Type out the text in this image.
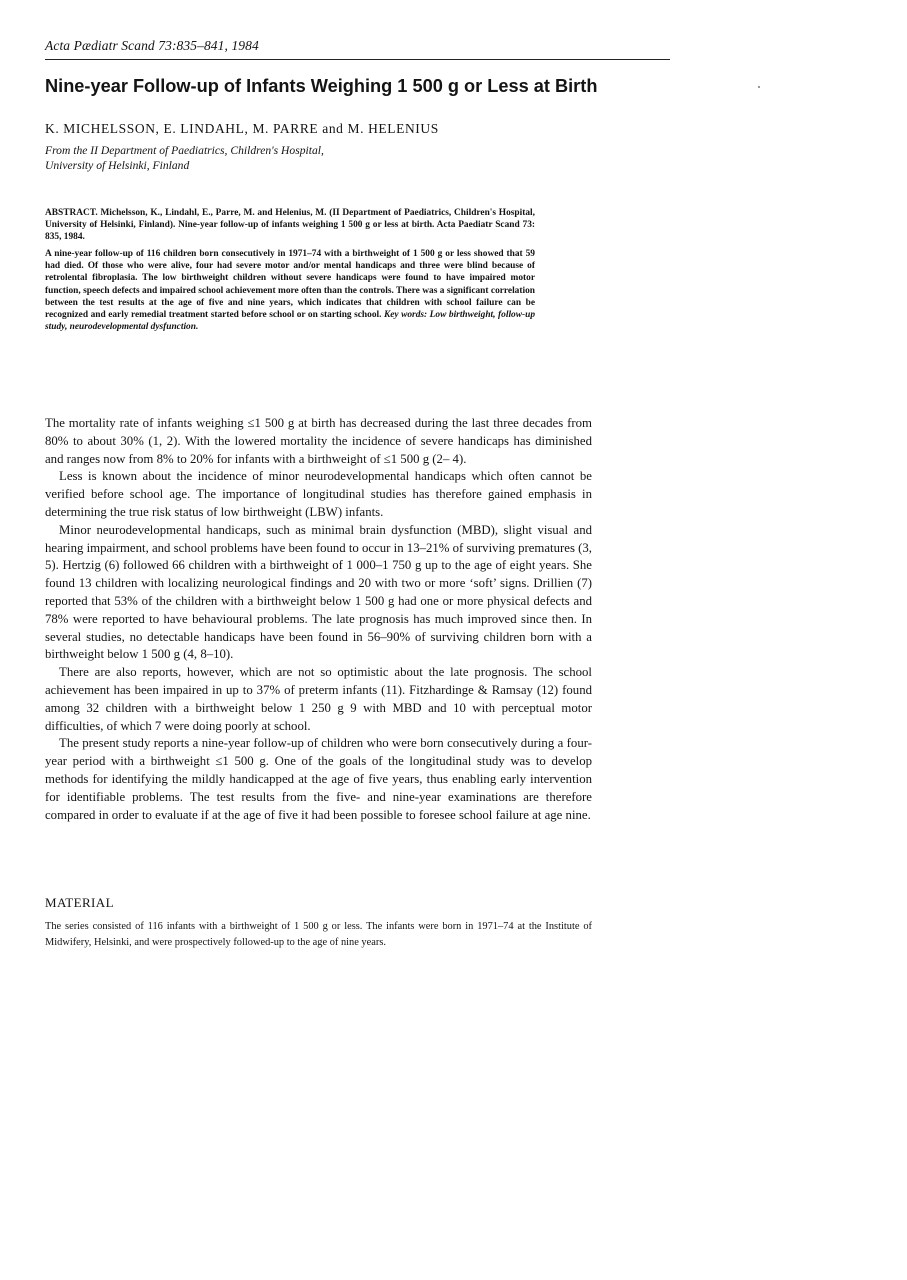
Acta Pædiatr Scand 73:835–841, 1984
Nine-year Follow-up of Infants Weighing 1 500 g or Less at Birth
K. MICHELSSON, E. LINDAHL, M. PARRE and M. HELENIUS
From the II Department of Paediatrics, Children's Hospital,
University of Helsinki, Finland

ABSTRACT. Michelsson, K., Lindahl, E., Parre, M. and Helenius, M. (II Department of Paediatrics, Children's Hospital, University of Helsinki, Finland). Nine-year follow-up of infants weighing 1 500 g or less at birth. Acta Paediatr Scand 73: 835, 1984.

A nine-year follow-up of 116 children born consecutively in 1971–74 with a birthweight of 1 500 g or less showed that 59 had died. Of those who were alive, four had severe motor and/or mental handicaps and three were blind because of retrolental fibroplasia. The low birthweight children without severe handicaps were found to have impaired motor function, speech defects and impaired school achievement more often than the controls. There was a significant correlation between the test results at the age of five and nine years, which indicates that children with school failure can be recognized and early remedial treatment started before school or on starting school. Key words: Low birthweight, follow-up study, neurodevelopmental dysfunction.

The mortality rate of infants weighing ≤1 500 g at birth has decreased during the last three decades from 80% to about 30% (1, 2). With the lowered mortality the incidence of severe handicaps has diminished and ranges now from 8% to 20% for infants with a birthweight of ≤1 500 g (2– 4).

Less is known about the incidence of minor neurodevelopmental handicaps which often cannot be verified before school age. The importance of longitudinal studies has therefore gained emphasis in determining the true risk status of low birthweight (LBW) infants.

Minor neurodevelopmental handicaps, such as minimal brain dysfunction (MBD), slight visual and hearing impairment, and school problems have been found to occur in 13–21% of surviving prematures (3, 5). Hertzig (6) followed 66 children with a birthweight of 1 000–1 750 g up to the age of eight years. She found 13 children with localizing neurological findings and 20 with two or more ‘soft’ signs. Drillien (7) reported that 53% of the children with a birthweight below 1 500 g had one or more physical defects and 78% were reported to have behavioural problems. The late prognosis has much improved since then. In several studies, no detectable handicaps have been found in 56–90% of surviving children born with a birthweight below 1 500 g (4, 8–10).

There are also reports, however, which are not so optimistic about the late prognosis. The school achievement has been impaired in up to 37% of preterm infants (11). Fitzhardinge & Ramsay (12) found among 32 children with a birthweight below 1 250 g 9 with MBD and 10 with perceptual motor difficulties, of which 7 were doing poorly at school.

The present study reports a nine-year follow-up of children who were born consecutively during a four-year period with a birthweight ≤1 500 g. One of the goals of the longitudinal study was to develop methods for identifying the mildly handicapped at the age of five years, thus enabling early intervention for identifiable problems. The test results from the five- and nine-year examinations are therefore compared in order to evaluate if at the age of five it had been possible to foresee school failure at age nine.

MATERIAL

The series consisted of 116 infants with a birthweight of 1 500 g or less. The infants were born in 1971–74 at the Institute of Midwifery, Helsinki, and were prospectively followed-up to the age of nine years.
